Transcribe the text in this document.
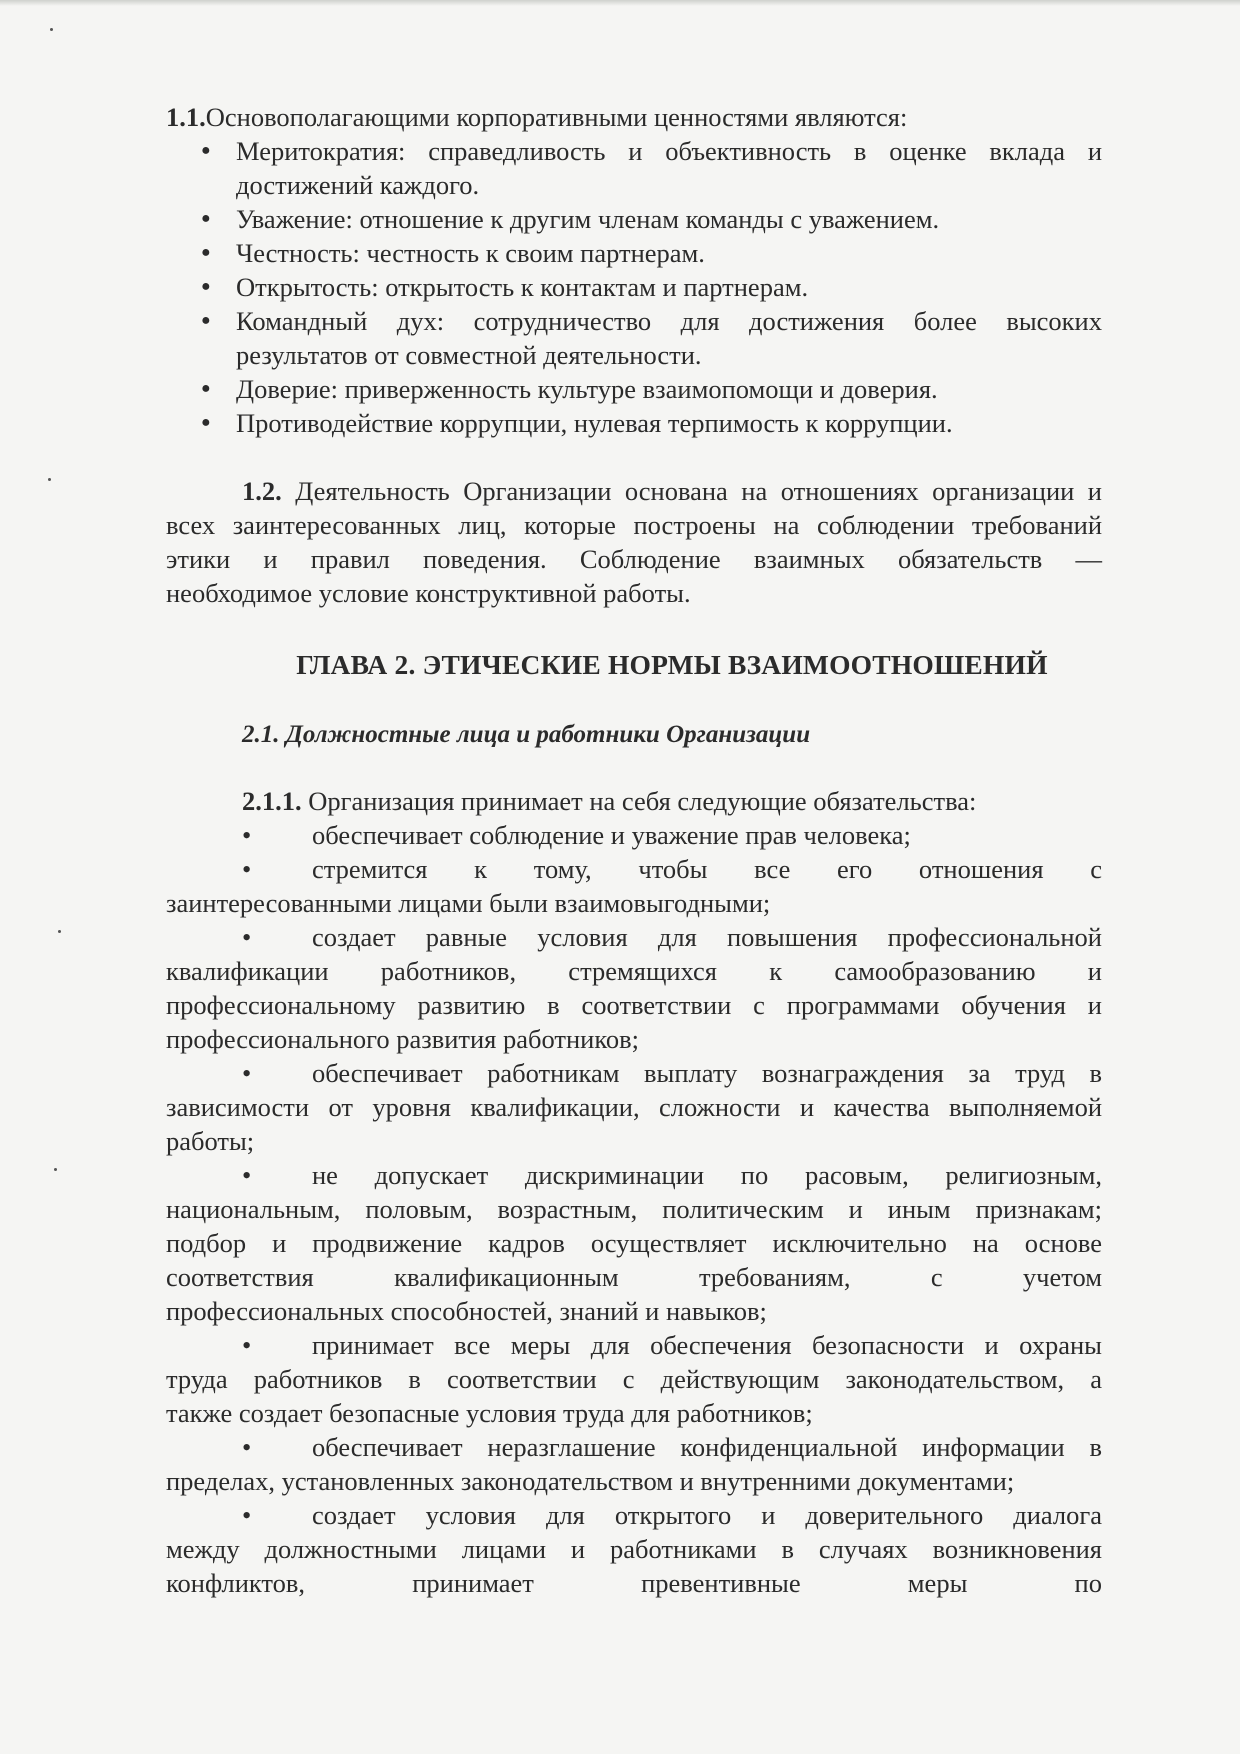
1.1.Основополагающими корпоративными ценностями являются:
● Меритократия: справедливость и объективность в оценке вклада и
достижений каждого.
● Уважение: отношение к другим членам команды с уважением.
● Честность: честность к своим партнерам.
● Открытость: открытость к контактам и партнерам.
● Командный дух: сотрудничество для достижения более высоких
результатов от совместной деятельности.
● Доверие: приверженность культуре взаимопомощи и доверия.
● Противодействие коррупции, нулевая терпимость к коррупции.
1.2. Деятельность Организации основана на отношениях организации и
всех заинтересованных лиц, которые построены на соблюдении требований
этики и правил поведения. Соблюдение взаимных обязательств —
необходимое условие конструктивной работы.
ГЛАВА 2. ЭТИЧЕСКИЕ НОРМЫ ВЗАИМООТНОШЕНИЙ
2.1. Должностные лица и работники Организации
2.1.1. Организация принимает на себя следующие обязательства:
• обеспечивает соблюдение и уважение прав человека;
• стремится к тому, чтобы все его отношения с
заинтересованными лицами были взаимовыгодными;
• создает равные условия для повышения профессиональной
квалификации работников, стремящихся к самообразованию и
профессиональному развитию в соответствии с программами обучения и
профессионального развития работников;
• обеспечивает работникам выплату вознаграждения за труд в
зависимости от уровня квалификации, сложности и качества выполняемой
работы;
• не допускает дискриминации по расовым, религиозным,
национальным, половым, возрастным, политическим и иным признакам;
подбор и продвижение кадров осуществляет исключительно на основе
соответствия квалификационным требованиям, с учетом
профессиональных способностей, знаний и навыков;
• принимает все меры для обеспечения безопасности и охраны
труда работников в соответствии с действующим законодательством, а
также создает безопасные условия труда для работников;
• обеспечивает неразглашение конфиденциальной информации в
пределах, установленных законодательством и внутренними документами;
• создает условия для открытого и доверительного диалога
между должностными лицами и работниками в случаях возникновения
конфликтов, принимает превентивные меры по
